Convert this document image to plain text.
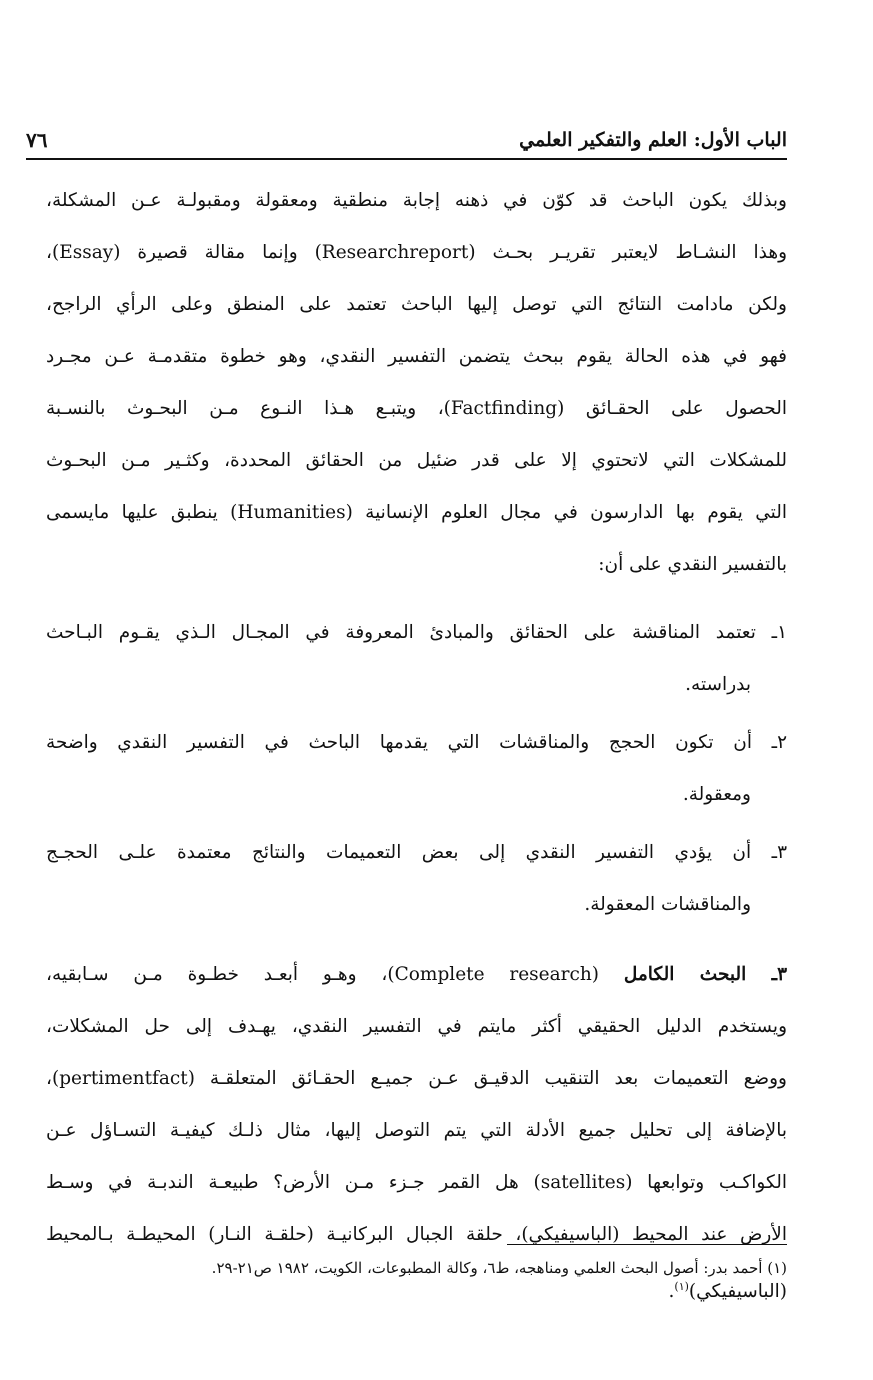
الباب الأول: العلم والتفكير العلمي
٧٦
وبذلك يكون الباحث قد كوّن في ذهنه إجابة منطقية ومعقولة ومقبولـة عـن المشكلة،
وهذا النشـاط لايعتبر تقريـر بحـث (Researchreport) وإنما مقالة قصيرة (Essay)،
ولكن مادامت النتائج التي توصل إليها الباحث تعتمد على المنطق وعلى الرأي الراجح،
فهو في هذه الحالة يقوم ببحث يتضمن التفسير النقدي، وهو خطوة متقدمـة عـن مجـرد
الحصول على الحقـائق (Factfinding)، ويتبـع هـذا النـوع مـن البحـوث بالنسـبة
للمشكلات التي لاتحتوي إلا على قدر ضئيل من الحقائق المحددة، وكثـير مـن البحـوث
التي يقوم بها الدارسون في مجال العلوم الإنسانية (Humanities) ينطبق عليها مايسمى
بالتفسير النقدي على أن:
١ـ تعتمد المناقشة على الحقائق والمبادئ المعروفة في المجـال الـذي يقـوم البـاحث
بدراسته.
٢ـ أن تكون الحجج والمناقشات التي يقدمها الباحث في التفسير النقدي واضحة
ومعقولة.
٣ـ أن يؤدي التفسير النقدي إلى بعض التعميمات والنتائج معتمدة علـى الحجـج
والمناقشات المعقولة.
٣ًـ البحث الكامل (Complete research)، وهـو أبعـد خطـوة مـن سـابقيه،
ويستخدم الدليل الحقيقي أكثر مايتم في التفسير النقدي، يهـدف إلى حل المشكلات،
ووضع التعميمات بعد التنقيب الدقيـق عـن جميـع الحقـائق المتعلقـة (pertimentfact)،
بالإضافة إلى تحليل جميع الأدلة التي يتم التوصل إليها، مثال ذلـك كيفيـة التسـاؤل عـن
الكواكـب وتوابعها (satellites) هل القمر جـزء مـن الأرض؟ طبيعـة الندبـة في وسـط
الأرض عند المحيط (الباسيفيكي)، حلقة الجبال البركانيـة (حلقـة النـار) المحيطـة بـالمحيط
(الباسيفيكي)$^{(١)}$.
(١) أحمد بدر: أصول البحث العلمي ومناهجه، ط٦، وكالة المطبوعات، الكويت، ١٩٨٢ ص٢١-٢٩.
